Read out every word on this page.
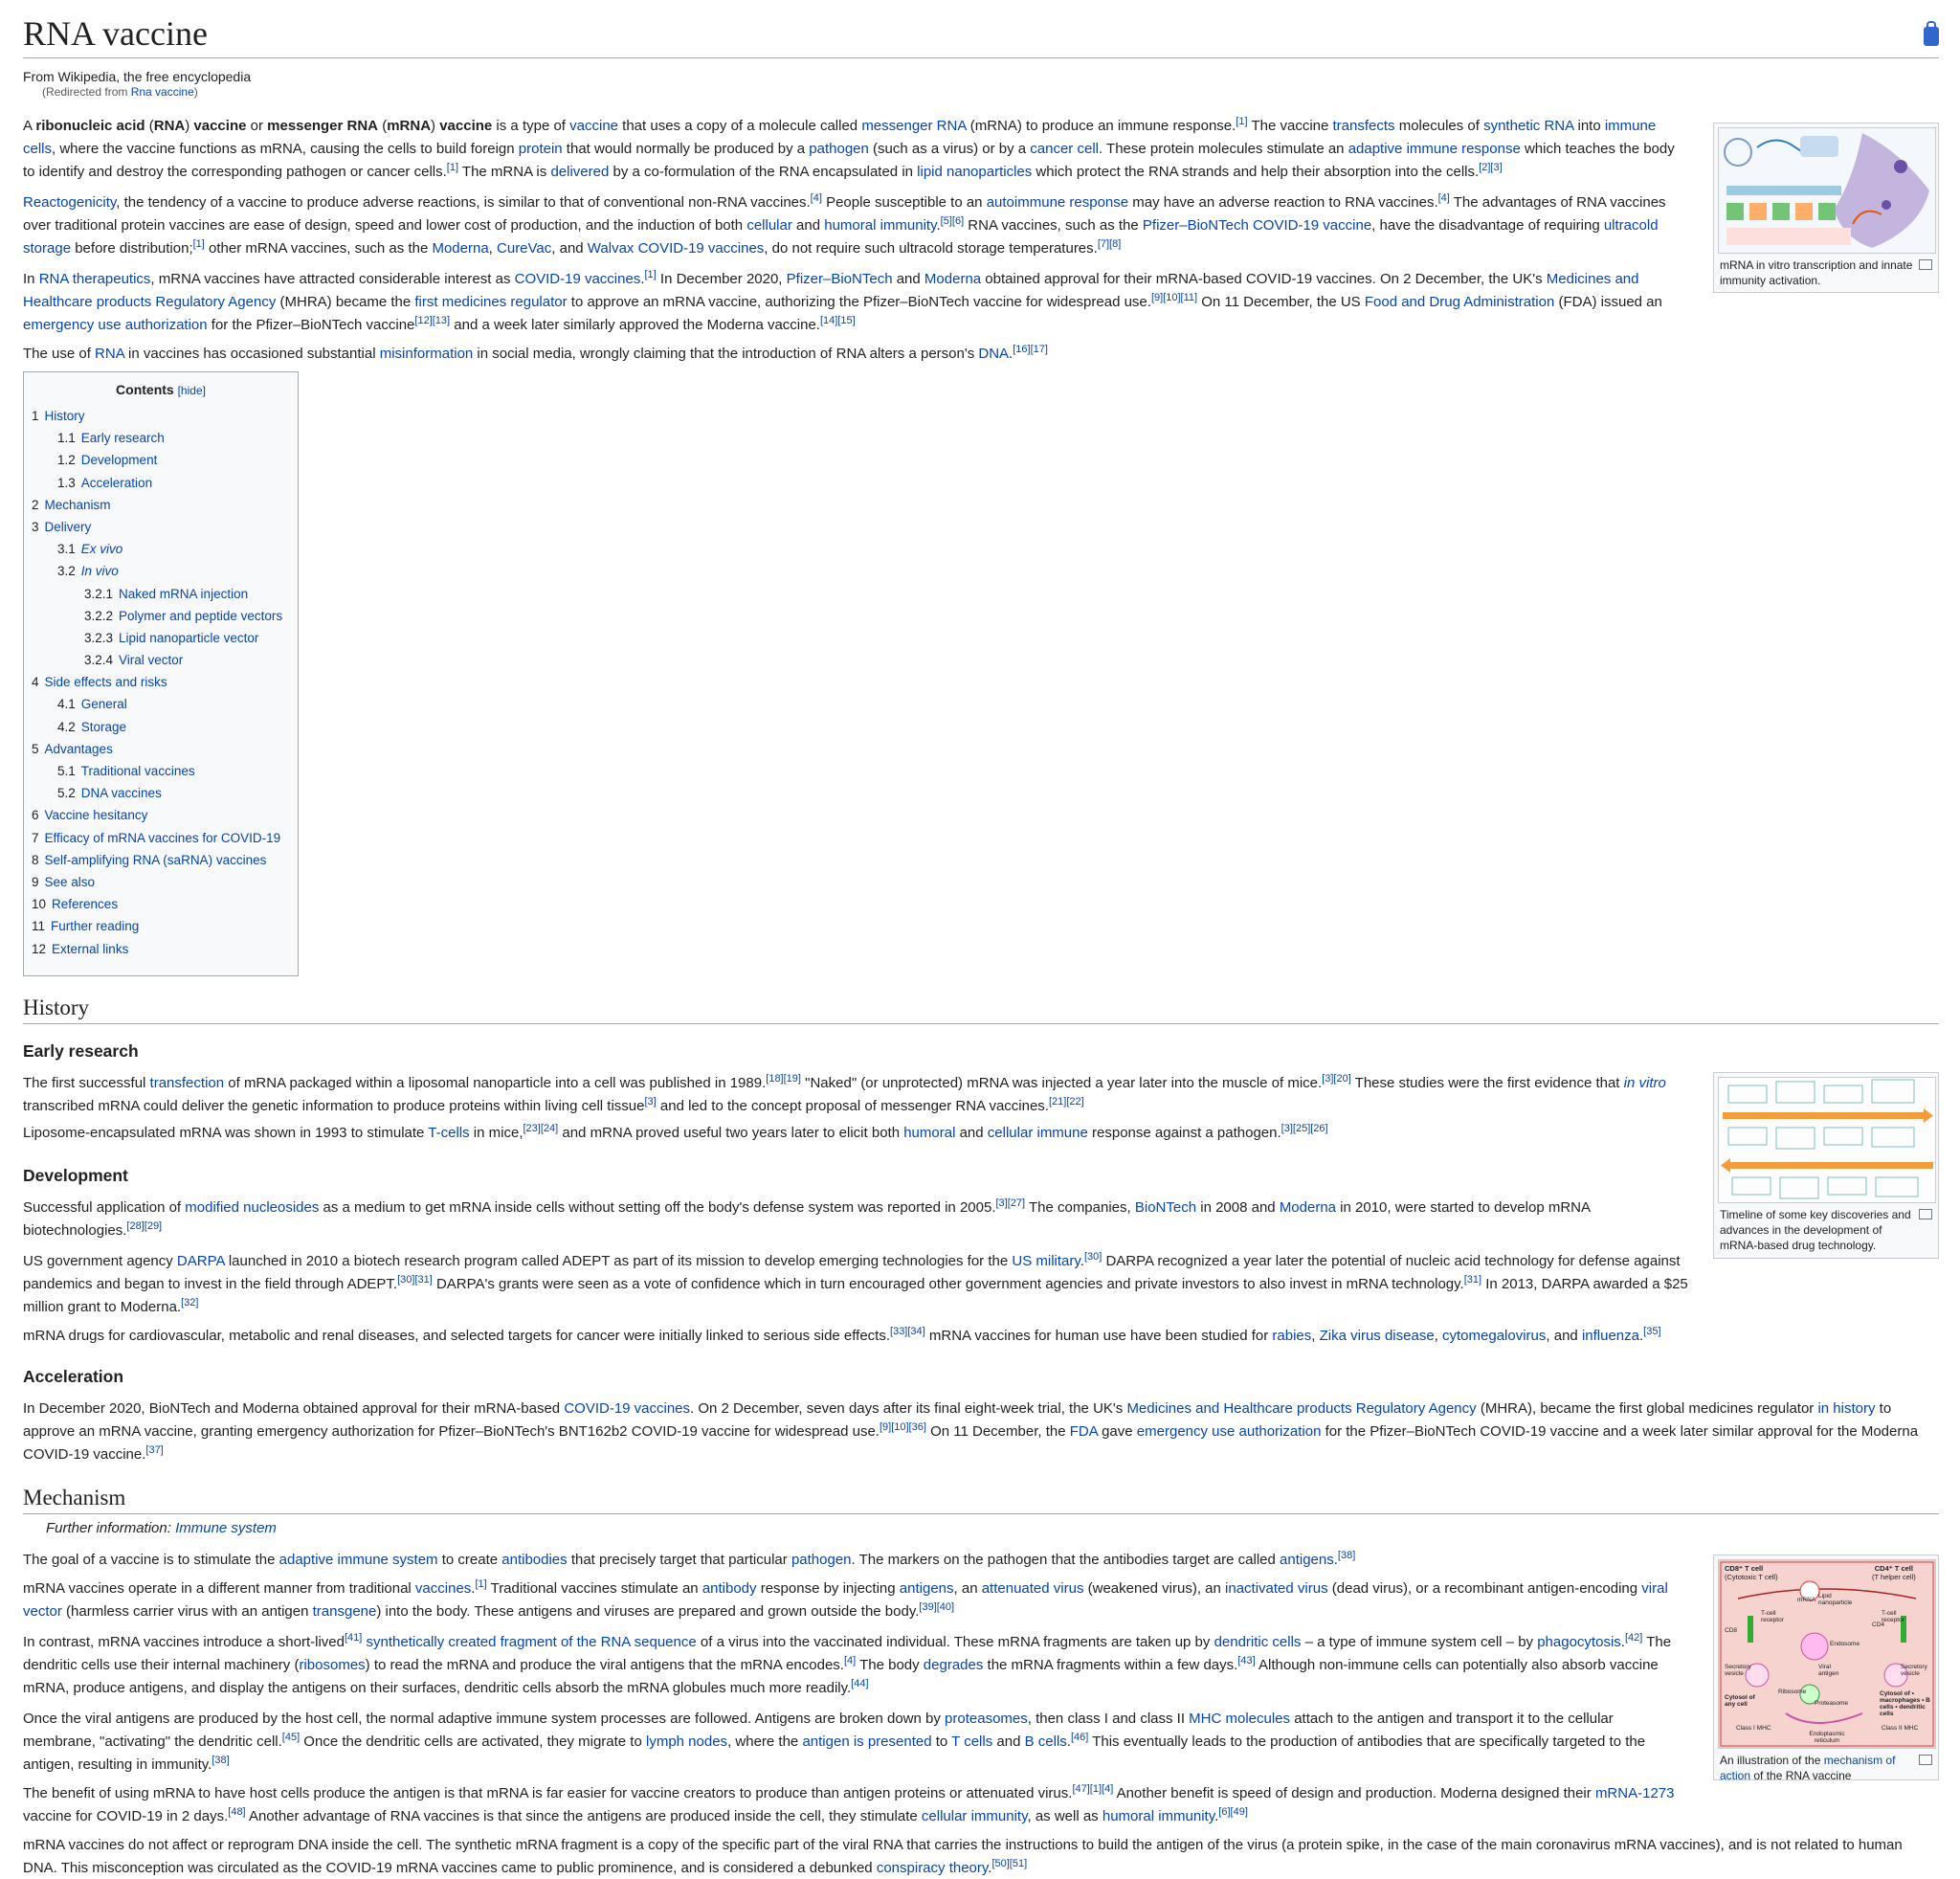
RNA vaccine
From Wikipedia, the free encyclopedia
(Redirected from Rna vaccine)

A ribonucleic acid (RNA) vaccine or messenger RNA (mRNA) vaccine is a type of vaccine that uses a copy of a molecule called messenger RNA (mRNA) to produce an immune response.[1] The vaccine transfects molecules of synthetic RNA into immune cells, where the vaccine functions as mRNA, causing the cells to build foreign protein that would normally be produced by a pathogen (such as a virus) or by a cancer cell. These protein molecules stimulate an adaptive immune response which teaches the body to identify and destroy the corresponding pathogen or cancer cells.[1] The mRNA is delivered by a co-formulation of the RNA encapsulated in lipid nanoparticles which protect the RNA strands and help their absorption into the cells.[2][3]

Reactogenicity, the tendency of a vaccine to produce adverse reactions, is similar to that of conventional non-RNA vaccines.[4] People susceptible to an autoimmune response may have an adverse reaction to RNA vaccines.[4] The advantages of RNA vaccines over traditional protein vaccines are ease of design, speed and lower cost of production, and the induction of both cellular and humoral immunity.[5][6] RNA vaccines, such as the Pfizer–BioNTech COVID-19 vaccine, have the disadvantage of requiring ultracold storage before distribution;[1] other mRNA vaccines, such as the Moderna, CureVac, and Walvax COVID-19 vaccines, do not require such ultracold storage temperatures.[7][8]

In RNA therapeutics, mRNA vaccines have attracted considerable interest as COVID-19 vaccines.[1] In December 2020, Pfizer–BioNTech and Moderna obtained approval for their mRNA-based COVID-19 vaccines. On 2 December, the UK's Medicines and Healthcare products Regulatory Agency (MHRA) became the first medicines regulator to approve an mRNA vaccine, authorizing the Pfizer–BioNTech vaccine for widespread use.[9][10][11] On 11 December, the US Food and Drug Administration (FDA) issued an emergency use authorization for the Pfizer–BioNTech vaccine[12][13] and a week later similarly approved the Moderna vaccine.[14][15]

The use of RNA in vaccines has occasioned substantial misinformation in social media, wrongly claiming that the introduction of RNA alters a person's DNA.[16][17]

mRNA in vitro transcription and innate immunity activation.
Contents [hide]
1 History
1.1 Early research
1.2 Development
1.3 Acceleration
2 Mechanism
3 Delivery
3.1 Ex vivo
3.2 In vivo
3.2.1 Naked mRNA injection
3.2.2 Polymer and peptide vectors
3.2.3 Lipid nanoparticle vector
3.2.4 Viral vector
4 Side effects and risks
4.1 General
4.2 Storage
5 Advantages
5.1 Traditional vaccines
5.2 DNA vaccines
6 Vaccine hesitancy
7 Efficacy of mRNA vaccines for COVID-19
8 Self-amplifying RNA (saRNA) vaccines
9 See also
10 References
11 Further reading
12 External links
History
Early research

The first successful transfection of mRNA packaged within a liposomal nanoparticle into a cell was published in 1989.[18][19] "Naked" (or unprotected) mRNA was injected a year later into the muscle of mice.[3][20] These studies were the first evidence that in vitro transcribed mRNA could deliver the genetic information to produce proteins within living cell tissue[3] and led to the concept proposal of messenger RNA vaccines.[21][22]

Liposome-encapsulated mRNA was shown in 1993 to stimulate T-cells in mice,[23][24] and mRNA proved useful two years later to elicit both humoral and cellular immune response against a pathogen.[3][25][26]

Timeline of some key discoveries and advances in the development of mRNA-based drug technology.
Development

Successful application of modified nucleosides as a medium to get mRNA inside cells without setting off the body's defense system was reported in 2005.[3][27] The companies, BioNTech in 2008 and Moderna in 2010, were started to develop mRNA biotechnologies.[28][29]

US government agency DARPA launched in 2010 a biotech research program called ADEPT as part of its mission to develop emerging technologies for the US military.[30] DARPA recognized a year later the potential of nucleic acid technology for defense against pandemics and began to invest in the field through ADEPT.[30][31] DARPA's grants were seen as a vote of confidence which in turn encouraged other government agencies and private investors to also invest in mRNA technology.[31] In 2013, DARPA awarded a $25 million grant to Moderna.[32]

mRNA drugs for cardiovascular, metabolic and renal diseases, and selected targets for cancer were initially linked to serious side effects.[33][34] mRNA vaccines for human use have been studied for rabies, Zika virus disease, cytomegalovirus, and influenza.[35]

Acceleration

In December 2020, BioNTech and Moderna obtained approval for their mRNA-based COVID-19 vaccines. On 2 December, seven days after its final eight-week trial, the UK's Medicines and Healthcare products Regulatory Agency (MHRA), became the first global medicines regulator in history to approve an mRNA vaccine, granting emergency authorization for Pfizer–BioNTech's BNT162b2 COVID-19 vaccine for widespread use.[9][10][36] On 11 December, the FDA gave emergency use authorization for the Pfizer–BioNTech COVID-19 vaccine and a week later similar approval for the Moderna COVID-19 vaccine.[37]

Mechanism
Further information: Immune system

The goal of a vaccine is to stimulate the adaptive immune system to create antibodies that precisely target that particular pathogen. The markers on the pathogen that the antibodies target are called antigens.[38]

mRNA vaccines operate in a different manner from traditional vaccines.[1] Traditional vaccines stimulate an antibody response by injecting antigens, an attenuated virus (weakened virus), an inactivated virus (dead virus), or a recombinant antigen-encoding viral vector (harmless carrier virus with an antigen transgene) into the body. These antigens and viruses are prepared and grown outside the body.[39][40]

In contrast, mRNA vaccines introduce a short-lived[41] synthetically created fragment of the RNA sequence of a virus into the vaccinated individual. These mRNA fragments are taken up by dendritic cells – a type of immune system cell – by phagocytosis.[42] The dendritic cells use their internal machinery (ribosomes) to read the mRNA and produce the viral antigens that the mRNA encodes.[4] The body degrades the mRNA fragments within a few days.[43] Although non-immune cells can potentially also absorb vaccine mRNA, produce antigens, and display the antigens on their surfaces, dendritic cells absorb the mRNA globules much more readily.[44]

Once the viral antigens are produced by the host cell, the normal adaptive immune system processes are followed. Antigens are broken down by proteasomes, then class I and class II MHC molecules attach to the antigen and transport it to the cellular membrane, "activating" the dendritic cell.[45] Once the dendritic cells are activated, they migrate to lymph nodes, where the antigen is presented to T cells and B cells.[46] This eventually leads to the production of antibodies that are specifically targeted to the antigen, resulting in immunity.[38]

The benefit of using mRNA to have host cells produce the antigen is that mRNA is far easier for vaccine creators to produce than antigen proteins or attenuated virus.[47][1][4] Another benefit is speed of design and production. Moderna designed their mRNA-1273 vaccine for COVID-19 in 2 days.[48] Another advantage of RNA vaccines is that since the antigens are produced inside the cell, they stimulate cellular immunity, as well as humoral immunity.[6][49]

mRNA vaccines do not affect or reprogram DNA inside the cell. The synthetic mRNA fragment is a copy of the specific part of the viral RNA that carries the instructions to build the antigen of the virus (a protein spike, in the case of the main coronavirus mRNA vaccines), and is not related to human DNA. This misconception was circulated as the COVID-19 mRNA vaccines came to public prominence, and is considered a debunked conspiracy theory.[50][51]

CD8⁺ T cell
(Cytotoxic T cell)
CD4⁺ T cell
(T helper cell)
mRNA
Lipid nanoparticle
T-cell receptor
T-cell receptor
CD8
CD4
Endosome
Viral antigen
Secretory vesicle
Secretory vesicle
Ribosome
Proteasome
Cytosol of any cell
Cytosol of • macrophages • B cells • dendritic cells
Class I MHC	Class II MHC
Endoplasmic reticulum
An illustration of the mechanism of action of the RNA vaccine
